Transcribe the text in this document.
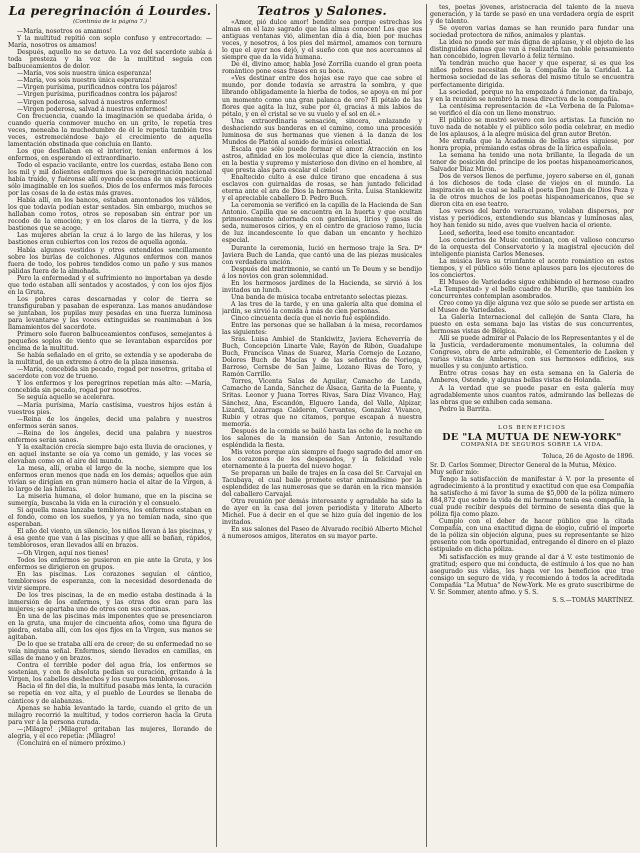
La peregrinación á Lourdes.
(Continúa de la página 7.)

—María, nosotros os amamos!

Y la multitud repitió con soplo confuso y entrecortado: —María, nosotros os amamos!

Después, aquello no se detuvo. La voz del sacerdote subía á toda presteza y la voz de la multitud seguía con balbuceamientos de dolor.

—María, vos sois nuestra única esperanza!

—María, vos sois nuestra única esperanza!

—Virgen purísima, purificadnos contra los pájaros!

—Virgen purísima, purificadnos contra los pájaros!

—Virgen poderosa, salvad á nuestros enfermos!

—Virgen poderosa, salvad á nuestros enfermos!

Con frecuencia, cuando la imaginación se quedaba árida, ó cuando quería conmover mucho en un grito, le repetía tres veces, meneaba la muchedumbre de él le repetía también tres veces, estremeciéndose bajo el crecimiento de aquella lamentación obstinada que concluía en llanto.

Los que desfilaban en el interior, tenían enfermos á los enfermos, en esperando el extraordinario.

Todo el espacio vacilante, entre los cuerdas, estaba lleno con los mil y mil dolientes enfermos que la peregrinación nacional había traído, y fuéronse allí oyendo escenas de un espectáculo sólo imaginable en los sueños. Dios de los enfermos más feroces por las cosas de la de estas más graves.

Había allí, en los bancos, estaban amontonados los válidos, los que todavía podían estar sentados. Sin embargo, muchos se hallaban como rotos, otros se reposaban sin entrar por un recodo de la emoción; y en los claros de la tierra, y de los bastiones que se acoge.

Las mujeres abrían la cruz á lo largo de las hileras, y los bastiones eran cubiertos con los rezos de aquella agonía.

Había algunos vestidos y otros extendidos sencillamente sobre los burlas de colchones. Algunos enfermos con manos fuera de todo, los pobres tendidos como un paño y sus manos pálidas fuera de la almohada.

Pero la enfermedad y el sufrimiento no importaban ya desde que todo estaban allí sentados y acostados, y con los ojos fijos en la Gruta.

Los pobres caras descarnadas y color de tierra se transfiguraban y pasaban de esperanza. Las manos anudándose se juntaban, los pupilas muy pesadas en una fuerza luminosa para levantarse y las voces extinguidas se reanimaban á los llamamientos del sacerdote.

Primero solo fueron balbuceamientos confusos, semejantes á pequeños soplos de viento que se levantaban esparcidos por encima de la multitud.

Se había señalado en el grito, se extendía y se apoderaba de la multitud, de un extremo á otro de la plaza inmensa.

—María, concebida sin pecado, rogad por nosotros, gritaba el sacerdote con voz de trueno.

Y los enfermos y los peregrinos repetían más alto: —María, concebida sin pecado, rogad por nosotros.

Se seguía aquello se acelerara.

—María purísima, María castísima, vuestros hijos están á vuestros pies.

—Reina de los ángeles, decid una palabra y nuestros enfermos serán sanos.

—Reina de los ángeles, decid una palabra y nuestros enfermos serán sanos.

Y la exaltación crecía siempre bajo esta lluvia de oraciones, y en aquel instante se oía ya como un gemido, y las voces se elevaban como en el aire del mundo.

La mesa, allí, oraba el largo de la noche, siempre que los enfermos eran menos que nada en los demás; aquellos que aún vivían se dirigían en gran número hacia el altar de la Virgen, á lo largo de las hileras.

La miseria humana, el dolor humano, que en la piscina se sumergía, buscaba la vida en la curación y el consuelo.

Si aquella masa lanzaba temblores, los enfermos estaban en el fondo, como en los sueños, y ya no temían nada, sino que esperaban.

El año del viento, un silencio, los niños llevan á las piscinas, y á esa gente que van á las piscinas y que allí se bañan, rápidos, temblorosos, eran llevados allí en brazos.

—Oh Virgen, aquí nos tienes!

Todos los enfermos se pusieron en pie ante la Gruta, y los enfermos se dirigieron en grupos.

En las piscinas. Los corazones seguían el cántico, temblorosos de esperanza, con la necesidad desordenada de vivir siempre.

De los tres piscinas, la de en medio estaba destinada á la inmersión de los enfermos, y las otras dos eran para las mujeres; se apartaba uno de otros con sus cortinas.

En una de las piscinas más imponentes que se presenciaron en la gruta, una mujer de cincuenta años, como una figura de piedra, estaba allí, con los ojos fijos en la Virgen, sus manos se agitaban.

De lo que se trataba allí era de creer; de su enfermedad no se veía ninguna señal. Enfermos, siendo llevados en camillas, en sillas de mano y en brazos.

Contra el terrible poder del agua fría, los enfermos se sostenían, y con fe absoluta pedían su curación, gritando á la Virgen, los cabellos deshechos y los cuerpos temblorosos.

Hacia el fin del día, la multitud pasaba más lenta, la curación se repetía en voz alta, y el pueblo de Lourdes se llenaba de cánticos y de alabanzas.

Apenas se había levantado la tarde, cuando el grito de un milagro recorrió la multitud, y todos corrieron hacia la Gruta para ver á la persona curada.

—¡Milagro! ¡Milagro! gritaban las mujeres, llorando de alegría, y el eco repetía: ¡Milagro!

(Concluirá en el número próximo.)

Teatros y Salones.

«Amor, pió dulce amor! bendito sea porque estrechas los almas en el lazo sagrado que las almas conocen! Los que sus antiguas ventanas vió, alimentan día á día, bien por muchas veces, y nosotros, á los pies del mármol, amamos con ternura lo que el ayer nos dejó, y el sueño con que nos acercamos al siempre que da la vida humana.

De él, divino amor, habla José Zorrilla cuando el gran poeta romántico pone esas frases en su boca.

«Ves destinar entre dos hojas ese rayo que cae sobre el mundo, por donde todavía se arrastra la sombra, y que librando obligadamente la hierba de todos, se apoya en mí por un momento como una gran palanca de oro? El pétalo de las flores que agita la luz, sube por él, gracias á mis labios de pétalo, y en el cristal se ve su vuelo y el sol en él.»

Una extraordinaria sensación, sincera, enlazando y deshaciendo sus banderas en el camino, como una procesión luminosa de sus hermanas que vienen á la danza de los Mundos de Platón al sonido de música celestial.

Escala que sólo puede formar el amor. Atracción en los astros, afinidad en los moléculas que dice la ciencia, instinto en la bestia y supremo y misterioso don divino en el hombre, al que presta alas para escalar el cielo!

Enaltecido culto á ese dulce tirano que encadena á sus esclavos con guirnaldas de rosas, se han juntado felicidad eterna ante el ara de Dios la hermosa Srita. Luisa Stankiewitz y el apreciable caballero D. Pedro Buch.

La ceremonia se verificó en la capilla de la Hacienda de San Antonio. Capilla que se encuentra en la huerta y que ocultan primorosamente adornada con gardenias, lirios y gasas de seda, numerosos cirios, y en el centro de gracioso ramo, lucía de luz incandescente lo que daban un encanto y hechizo especial.

Durante la ceremonia, lució en hermoso traje la Sra. Dª Javiera Buch de Landa, que cantó una de las piezas musicales con verdadera unción.

Después del matrimonio, se cantó un Te Deum y se bendijo á los novios con gran solemnidad.

En los hermosos jardines de la Hacienda, se sirvió á los invitados un lunch.

Una banda de música tocaba entretanto selectas piezas.

A las tres de la tarde, y en una galería alta que domina el jardín, se sirvió la comida á más de cien personas.

Cinco cincuenta decía que el novio fué espléndido.

Entre las personas que se hallaban á la mesa, recordamos las siguientes:

Sras. Luisa Ambiel de Stankiwitz, Javiera Echeverría de Buch, Concepción Linarte Vale, Rayón de Ribón, Guadalupe Buch, Francisca Vinas de Suarez, María Cornejo de Lozano, Dolores Buch de Macías y de las señoritas de Noriega, Barroso, Cernsbe de San Jaime, Lozano Rivas de Toro, y Ramón Carrillo.

Torres, Vicenta Salas de Aguilar, Camacho de Landa, Camacho de Landa, Sánchez de Alsaca, Garita de la Fuente, y Sritas. Leonor y Juana Torres Rivas, Sara Díaz Vivanco, Hay, Sánchez, Ana, Escandón, Elguero Landa, del Valle, Alpizar, Lizardi, Lozarraga Calderón, Cervantes, Gonzalez Vivanco, Rubio y otras que no citamos, porque escapan á nuestra memoria.

Después de la comida se bailó hasta las ocho de la noche en los salones de la mansión de San Antonio, resultando espléndida la fiesta.

Mis votos porque aún siempre el fuego sagrado del amor en los corazones de los desposados, y la felicidad vele eternamente á la puerta del nuevo hogar.

Se preparan un baile de trajes en la casa del Sr. Carvajal en Tacubaya, el cual baile promete estar animadísimo por la esplendidez de las numerosas que se darán en la rica mansión del caballero Carvajal.

Otra reunión por demás interesante y agradable ha sido la de ayer en la casa del joven periodista y literato Alberto Michel. Fue á decir en el que se hizo guía del ingenio de los invitados.

En sus salones del Paseo de Alvarado recibió Alberto Michel á numerosos amigos, literatos en su mayor parte.

tes, poetas jóvenes, aristocracia del talento de la nueva generación, y la tarde se pasó en una verdadera orgía de esprit y de talento.

Se oyeron varias damas se han reunido para fundar una sociedad protectora de niños, animales y plantas.

La idea no puede ser más digna de aplauso, y el objeto de las distinguidas damas que van á realizarla tan noble pensamiento han concebido, logren llevarlo á feliz término.

Ya tendrán mucho que hacer y que esperar, si es que los niños pobres necesitan de la Compañía de la Caridad. La hermosa sociedad de las señoras del mismo título se encuentra perfectamente dirigida.

La sociedad, porque no ha empezado á funcionar, da trabajo, y en la reunión se nombró la mesa directiva de la compañía.

La centésima representación de «La Verbena de la Paloma» se verificó el día con un lleno monstruo.

El público se mostró severo con los artistas. La función no tuvo nada de notable y el público sólo podía celebrar, en medio de los aplausos, á la alegre música del gran autor Bretón.

Me extraña que la Academia de bellas artes siguiese, por honra propia, premiando estas obras de la lírica española.

La semana ha tenido una nota brillante, la llegada de un tenor de posición del príncipe de los poetas hispanoamericanos, Salvador Díaz Mirón.

Dos de versos llenos de perfume, joyero saberse en él, ganan á los dichosos de toda clase de viejos en el mundo. La inspiración en la cual se halla el poeta Don Juan de Dios Peza y la de otros muchos de los poetas hispanoamericanos, que se dieron cita en ese teatro.

Los versos del bardo veracruzano, volaban dispersos, por vistas y periódicos, extendiendo sus blancas y luminosas alas, hoy han tenido su nido, aves que vuelven hacia el oriente.

Leed, señorita, leed ese tomito encantador.

Los conciertos de Music continúan, con el valioso concurso de la orquesta del Conservatorio y la magistral ejecución del inteligente pianista Carlos Meneses.

La música lleva su triunfante el acento romántico en estos tiempos, y el público sólo tiene aplausos para los ejecutores de los conciertos.

El Museo de Variedades sigue exhibiendo el hermoso cuadro «La Tempestad» y el bello cuadro de Murillo, que también los concurrentes contemplan asombrados.

Creo como ya dije alguna vez que sólo se puede ser artista en el Museo de Variedades.

La Galería Internacional del callejón de Santa Clara, ha puesto en esta semana bajo las vistas de sus concurrentes, hermosas vistas de Bélgica.

Allí se puede admirar el Palacio de los Representantes y el de la Justicia, verdaderamente monumentales, la columna del Congreso, obra de arte admirable, el Cementerio de Laeken y varias vistas de Amberes, con sus hermosos edificios, sus muelles y su conjunto artístico.

Entre otras cosas hay en esta semana en la Galería de Amberes, Ostende, y algunas bellas vistas de Holanda.

A la verdad que se puede pasar en esta galería muy agradablemente unos cuantos ratos, admirando las bellezas de las obras que se exhiben cada semana.

Pedro la Barrita.

LOS BENEFICIOS
DE "LA MUTUA DE NEW-YORK"
COMPAÑÍA DE SEGUROS SOBRE LA VIDA.
Toluca, 26 de Agosto de 1896.

Sr. D. Carlos Sommer, Director General de la Mutua, México.

Muy señor mío:

Tengo la satisfacción de manifestar á V. por la presente el agradecimiento á la prontitud y exactitud con que esa Compañía ha satisfecho á mi favor la suma de $5,000 de la póliza número 484,872 que sobre la vida de mi hermano tenía esa compañía, la cual pude recibir después del término de sesenta días que la póliza fija como plazo.

Cumplo con el deber de hacer público que la citada Compañía, con una exactitud digna de elogio, cubrió el importe de la póliza sin objeción alguna, pues su representante se hizo presente con toda oportunidad, entregando el dinero en el plazo estipulado en dicha póliza.

Mi satisfacción es muy grande al dar á V. este testimonio de gratitud; espero que mi conducta, de estímulo á los que no han asegurado sus vidas, les haga ver los beneficios que trae consigo un seguro de vida, y recomiendo á todos la acreditada Compañía "La Mutua" de New-York. Me es grato suscribirme de V. Sr. Sommer, atento afmo. y S. S.

S. S.—TOMÁS MARTÍNEZ.
